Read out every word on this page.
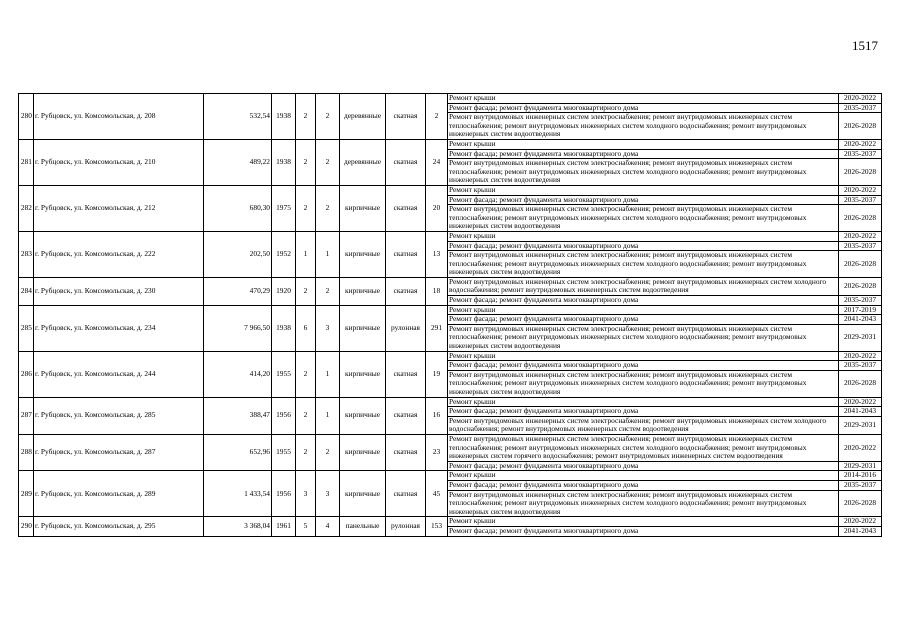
1517
280	г. Рубцовск, ул. Комсомольская, д. 208	532,54	1938	2	2	деревянные	скатная	2	Ремонт крыши	2020-2022
									Ремонт фасада; ремонт фундамента многоквартирного дома	2035-2037
									Ремонт внутридомовых инженерных систем электроснабжения; ремонт внутридомовых инженерных систем теплоснабжения; ремонт внутридомовых инженерных систем холодного водоснабжения; ремонт внутридомовых инженерных систем водоотведения	2026-2028
281	г. Рубцовск, ул. Комсомольская, д. 210	489,22	1938	2	2	деревянные	скатная	24	Ремонт крыши	2020-2022
									Ремонт фасада; ремонт фундамента многоквартирного дома	2035-2037
									Ремонт внутридомовых инженерных систем электроснабжения; ремонт внутридомовых инженерных систем теплоснабжения; ремонт внутридомовых инженерных систем холодного водоснабжения; ремонт внутридомовых инженерных систем водоотведения	2026-2028
282	г. Рубцовск, ул. Комсомольская, д. 212	680,30	1975	2	2	кирпичные	скатная	20	Ремонт крыши	2020-2022
									Ремонт фасада; ремонт фундамента многоквартирного дома	2035-2037
									Ремонт внутридомовых инженерных систем электроснабжения; ремонт внутридомовых инженерных систем теплоснабжения; ремонт внутридомовых инженерных систем холодного водоснабжения; ремонт внутридомовых инженерных систем водоотведения	2026-2028
283	г. Рубцовск, ул. Комсомольская, д. 222	202,50	1952	1	1	кирпичные	скатная	13	Ремонт крыши	2020-2022
									Ремонт фасада; ремонт фундамента многоквартирного дома	2035-2037
									Ремонт внутридомовых инженерных систем электроснабжения; ремонт внутридомовых инженерных систем теплоснабжения; ремонт внутридомовых инженерных систем холодного водоснабжения; ремонт внутридомовых инженерных систем водоотведения	2026-2028
284	г. Рубцовск, ул. Комсомольская, д. 230	470,29	1920	2	2	кирпичные	скатная	18	Ремонт внутридомовых инженерных систем электроснабжения; ремонт внутридомовых инженерных систем холодного водоснабжения; ремонт внутридомовых инженерных систем водоотведения	2026-2028
									Ремонт фасада; ремонт фундамента многоквартирного дома	2035-2037
285	г. Рубцовск, ул. Комсомольская, д. 234	7 966,50	1938	6	3	кирпичные	рулонная	291	Ремонт крыши	2017-2019
									Ремонт фасада; ремонт фундамента многоквартирного дома	2041-2043
									Ремонт внутридомовых инженерных систем электроснабжения; ремонт внутридомовых инженерных систем теплоснабжения; ремонт внутридомовых инженерных систем холодного водоснабжения; ремонт внутридомовых инженерных систем водоотведения	2029-2031
286	г. Рубцовск, ул. Комсомольская, д. 244	414,20	1955	2	1	кирпичные	скатная	19	Ремонт крыши	2020-2022
									Ремонт фасада; ремонт фундамента многоквартирного дома	2035-2037
									Ремонт внутридомовых инженерных систем электроснабжения; ремонт внутридомовых инженерных систем теплоснабжения; ремонт внутридомовых инженерных систем холодного водоснабжения; ремонт внутридомовых инженерных систем водоотведения	2026-2028
287	г. Рубцовск, ул. Комсомольская, д. 285	388,47	1956	2	1	кирпичные	скатная	16	Ремонт крыши	2020-2022
									Ремонт фасада; ремонт фундамента многоквартирного дома	2041-2043
									Ремонт внутридомовых инженерных систем электроснабжения; ремонт внутридомовых инженерных систем холодного водоснабжения; ремонт внутридомовых инженерных систем водоотведения	2029-2031
288	г. Рубцовск, ул. Комсомольская, д. 287	652,96	1955	2	2	кирпичные	скатная	23	Ремонт внутридомовых инженерных систем электроснабжения; ремонт внутридомовых инженерных систем теплоснабжения; ремонт внутридомовых инженерных систем холодного водоснабжения; ремонт внутридомовых инженерных систем горячего водоснабжения; ремонт внутридомовых инженерных систем водоотведения	2020-2022
									Ремонт фасада; ремонт фундамента многоквартирного дома	2029-2031
289	г. Рубцовск, ул. Комсомольская, д. 289	1 433,54	1956	3	3	кирпичные	скатная	45	Ремонт крыши	2014-2016
									Ремонт фасада; ремонт фундамента многоквартирного дома	2035-2037
									Ремонт внутридомовых инженерных систем электроснабжения; ремонт внутридомовых инженерных систем теплоснабжения; ремонт внутридомовых инженерных систем холодного водоснабжения; ремонт внутридомовых инженерных систем водоотведения	2026-2028
290	г. Рубцовск, ул. Комсомольская, д. 295	3 368,04	1961	5	4	панельные	рулонная	153	Ремонт крыши	2020-2022
									Ремонт фасада; ремонт фундамента многоквартирного дома	2041-2043
